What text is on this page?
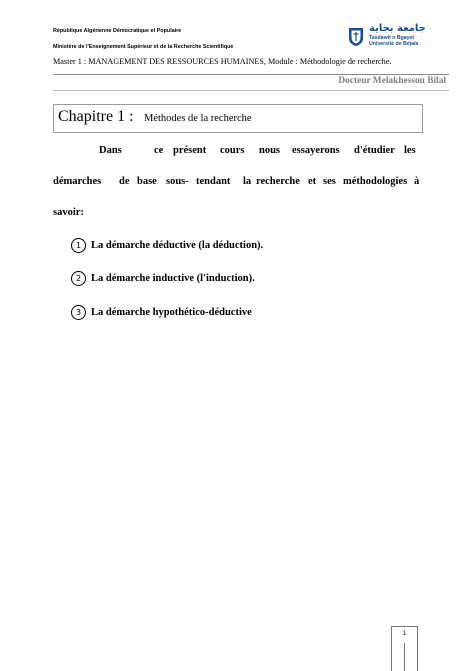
République Algérienne Démocratique et Populaire
Ministère de l'Enseignement Supérieur et de la Recherche Scientifique
جامعة بجاية
Tasdawit n Bgayet
Université de Béjaïa
Master 1 : MANAGEMENT DES RESSOURCES HUMAINES, Module : Méthodologie de recherche.
Docteur Melakhessou Bilal
Chapitre 1 : Méthodes de la recherche
Dans	ce présent cours nous essayerons d'étudier les
démarches de base sous- tendant la recherche et ses méthodologies à
savoir:
1 La démarche déductive (la déduction).
2 La démarche inductive (l'induction).
3 La démarche hypothético-déductive
1
